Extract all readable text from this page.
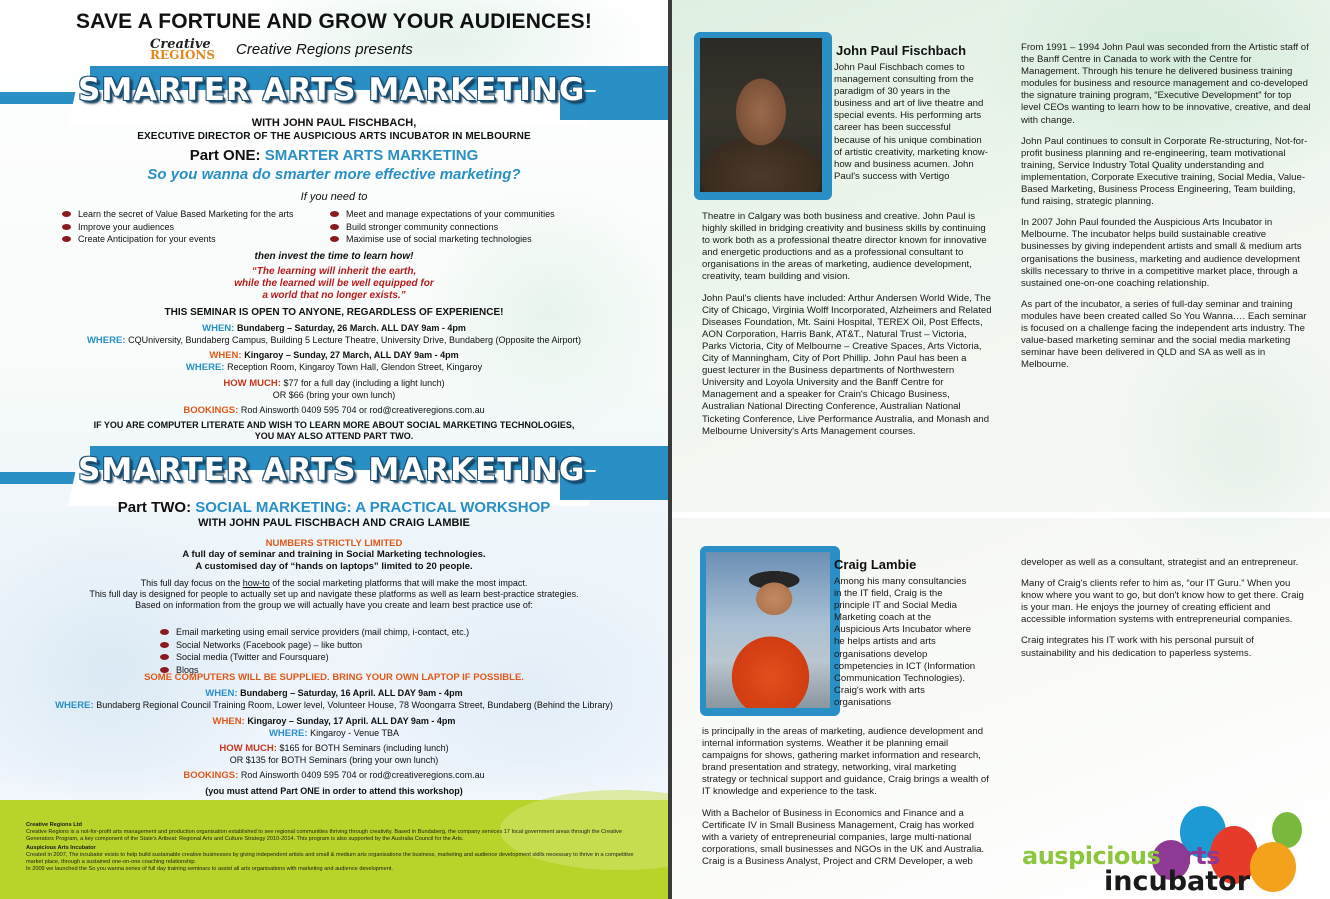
SAVE A FORTUNE AND GROW YOUR AUDIENCES!
Creative
REGIONS Creative Regions presents
SMARTER ARTS MARKETING
WITH JOHN PAUL FISCHBACH,
EXECUTIVE DIRECTOR OF THE AUSPICIOUS ARTS INCUBATOR IN MELBOURNE
Part ONE: SMARTER ARTS MARKETING
So you wanna do smarter more effective marketing?
If you need to
Learn the secret of Value Based Marketing for the arts
Improve your audiences
Create Anticipation for your events
Meet and manage expectations of your communities
Build stronger community connections
Maximise use of social marketing technologies
then invest the time to learn how!
“The learning will inherit the earth,
while the learned will be well equipped for
a world that no longer exists.”
THIS SEMINAR IS OPEN TO ANYONE, REGARDLESS OF EXPERIENCE!
WHEN: Bundaberg – Saturday, 26 March. ALL DAY 9am - 4pm
WHERE: CQUniversity, Bundaberg Campus, Building 5 Lecture Theatre, University Drive, Bundaberg (Opposite the Airport)
WHEN: Kingaroy – Sunday, 27 March, ALL DAY 9am - 4pm
WHERE: Reception Room, Kingaroy Town Hall, Glendon Street, Kingaroy
HOW MUCH: $77 for a full day (including a light lunch)
OR $66 (bring your own lunch)
BOOKINGS: Rod Ainsworth 0409 595 704 or rod@creativeregions.com.au
IF YOU ARE COMPUTER LITERATE AND WISH TO LEARN MORE ABOUT SOCIAL MARKETING TECHNOLOGIES,
YOU MAY ALSO ATTEND PART TWO.
SMARTER ARTS MARKETING
Part TWO: SOCIAL MARKETING: A PRACTICAL WORKSHOP
WITH JOHN PAUL FISCHBACH AND CRAIG LAMBIE
NUMBERS STRICTLY LIMITED
A full day of seminar and training in Social Marketing technologies.
A customised day of “hands on laptops” limited to 20 people.
This full day focus on the how-to of the social marketing platforms that will make the most impact.
This full day is designed for people to actually set up and navigate these platforms as well as learn best-practice strategies.
Based on information from the group we will actually have you create and learn best practice use of:
Email marketing using email service providers (mail chimp, i-contact, etc.)
Social Networks (Facebook page) – like button
Social media (Twitter and Foursquare)
Blogs
SOME COMPUTERS WILL BE SUPPLIED. BRING YOUR OWN LAPTOP IF POSSIBLE.
WHEN: Bundaberg – Saturday, 16 April. ALL DAY 9am - 4pm
WHERE: Bundaberg Regional Council Training Room, Lower level, Volunteer House, 78 Woongarra Street, Bundaberg (Behind the Library)
WHEN: Kingaroy – Sunday, 17 April. ALL DAY 9am - 4pm
WHERE: Kingaroy - Venue TBA
HOW MUCH: $165 for BOTH Seminars (including lunch)
OR $135 for BOTH Seminars (bring your own lunch)
BOOKINGS: Rod Ainsworth 0409 595 704 or rod@creativeregions.com.au
(you must attend Part ONE in order to attend this workshop)
Creative Regions Ltd
Creative Regions is a not-for-profit arts management and production organisation established to see regional communities thriving through creativity. Based in Bundaberg, the company services 17 local government areas through the Creative Generators Program, a key component of the State's Artbeat: Regional Arts and Culture Strategy 2010-2014. This program is also supported by the Australia Council for the Arts.
Auspicious Arts Incubator
Created in 2007, The incubator exists to help build sustainable creative businesses by giving independent artists and small & medium arts organisations the business, marketing and audience development skills necessary to thrive in a competitive market place, through a sustained one-on-one coaching relationship.
In 2009 we launched the So you wanna series of full day training seminars to assist all arts organisations with marketing and audience development.
John Paul Fischbach
John Paul Fischbach comes to management consulting from the paradigm of 30 years in the business and art of live theatre and special events. His performing arts career has been successful because of his unique combination of artistic creativity, marketing know-how and business acumen. John Paul's success with Vertigo

Theatre in Calgary was both business and creative. John Paul is highly skilled in bridging creativity and business skills by continuing to work both as a professional theatre director known for innovative and energetic productions and as a professional consultant to organisations in the areas of marketing, audience development, creativity, team building and vision.

John Paul's clients have included: Arthur Andersen World Wide, The City of Chicago, Virginia Wolff Incorporated, Alzheimers and Related Diseases Foundation, Mt. Saini Hospital, TEREX Oil, Post Effects, AON Corporation, Harris Bank, AT&T., Natural Trust – Victoria, Parks Victoria, City of Melbourne – Creative Spaces, Arts Victoria, City of Manningham, City of Port Phillip. John Paul has been a guest lecturer in the Business departments of Northwestern University and Loyola University and the Banff Centre for Management and a speaker for Crain's Chicago Business, Australian National Directing Conference, Australian National Ticketing Conference, Live Performance Australia, and Monash and Melbourne University's Arts Management courses.

From 1991 – 1994 John Paul was seconded from the Artistic staff of the Banff Centre in Canada to work with the Centre for Management. Through his tenure he delivered business training modules for business and resource management and co-developed the signature training program, “Executive Development” for top level CEOs wanting to learn how to be innovative, creative, and deal with change.

John Paul continues to consult in Corporate Re-structuring, Not-for-profit business planning and re-engineering, team motivational training, Service Industry Total Quality understanding and implementation, Corporate Executive training, Social Media, Value-Based Marketing, Business Process Engineering, Team building, fund raising, strategic planning.

In 2007 John Paul founded the Auspicious Arts Incubator in Melbourne. The incubator helps build sustainable creative businesses by giving independent artists and small & medium arts organisations the business, marketing and audience development skills necessary to thrive in a competitive market place, through a sustained one-on-one coaching relationship.

As part of the incubator, a series of full-day seminar and training modules have been created called So You Wanna…. Each seminar is focused on a challenge facing the independent arts industry. The value-based marketing seminar and the social media marketing seminar have been delivered in QLD and SA as well as in Melbourne.

Craig Lambie
Among his many consultancies in the IT field, Craig is the principle IT and Social Media Marketing coach at the Auspicious Arts Incubator where he helps artists and arts organisations develop competencies in ICT (Information Communication Technologies). Craig's work with arts organisations

is principally in the areas of marketing, audience development and internal information systems. Weather it be planning email campaigns for shows, gathering market information and research, brand presentation and strategy, networking, viral marketing strategy or technical support and guidance, Craig brings a wealth of IT knowledge and experience to the task.

With a Bachelor of Business in Economics and Finance and a Certificate IV in Small Business Management, Craig has worked with a variety of entrepreneurial companies, large multi-national corporations, small businesses and NGOs in the UK and Australia. Craig is a Business Analyst, Project and CRM Developer, a web

developer as well as a consultant, strategist and an entrepreneur.

Many of Craig's clients refer to him as, “our IT Guru.” When you know where you want to go, but don't know how to get there. Craig is your man. He enjoys the journey of creating efficient and accessible information systems with entrepreneurial companies.

Craig integrates his IT work with his personal pursuit of sustainability and his dedication to paperless systems.

auspicious arts
incubator
